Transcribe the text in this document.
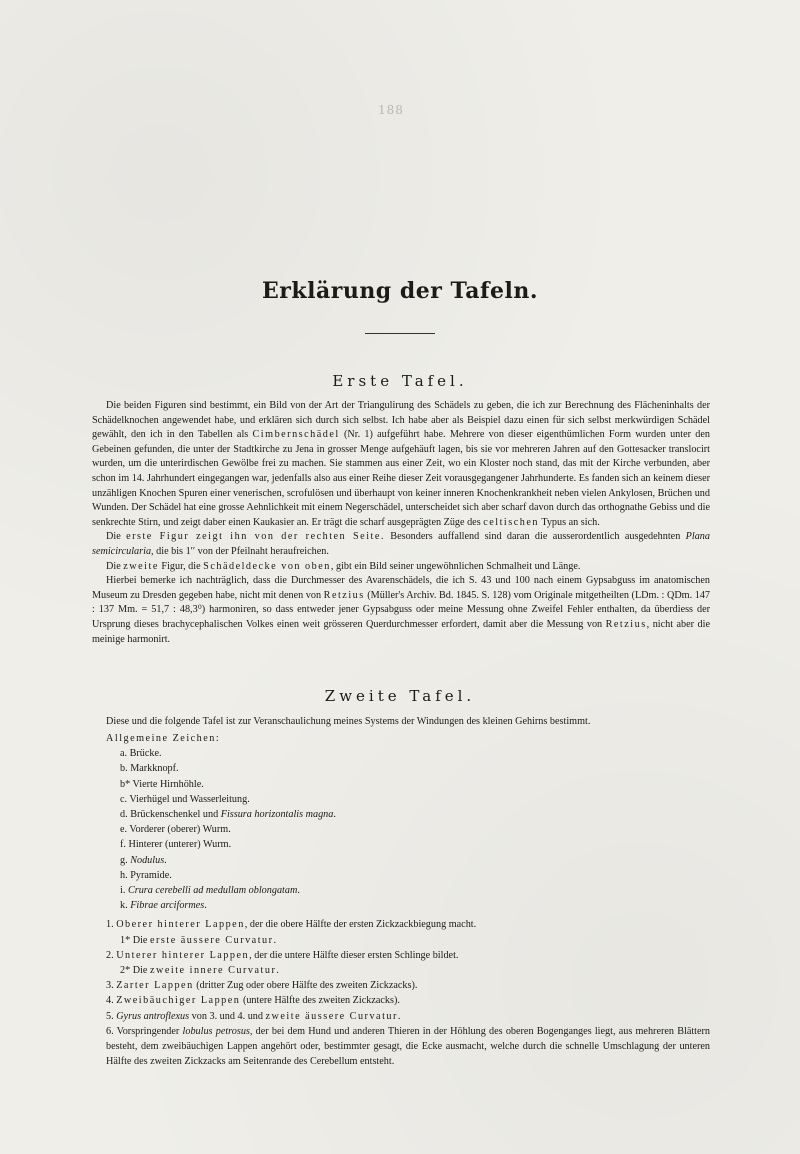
188
Erklärung der Tafeln.
Erste Tafel.

Die beiden Figuren sind bestimmt, ein Bild von der Art der Triangulirung des Schädels zu geben, die ich zur Berechnung des Flächeninhalts der Schädelknochen angewendet habe, und erklären sich durch sich selbst. Ich habe aber als Beispiel dazu einen für sich selbst merkwürdigen Schädel gewählt, den ich in den Tabellen als Cimbernschädel (Nr. 1) aufgeführt habe. Mehrere von dieser eigenthümlichen Form wurden unter den Gebeinen gefunden, die unter der Stadtkirche zu Jena in grosser Menge aufgehäuft lagen, bis sie vor mehreren Jahren auf den Gottesacker translocirt wurden, um die unterirdischen Gewölbe frei zu machen. Sie stammen aus einer Zeit, wo ein Kloster noch stand, das mit der Kirche verbunden, aber schon im 14. Jahrhundert eingegangen war, jedenfalls also aus einer Reihe dieser Zeit vorausgegangener Jahrhunderte. Es fanden sich an keinem dieser unzähligen Knochen Spuren einer venerischen, scrofulösen und überhaupt von keiner inneren Knochenkrankheit neben vielen Ankylosen, Brüchen und Wunden. Der Schädel hat eine grosse Aehnlichkeit mit einem Negerschädel, unterscheidet sich aber scharf davon durch das orthognathe Gebiss und die senkrechte Stirn, und zeigt daber einen Kaukasier an. Er trägt die scharf ausgeprägten Züge des celtischen Typus an sich.

Die erste Figur zeigt ihn von der rechten Seite. Besonders auffallend sind daran die ausserordentlich ausgedehnten Plana semicircularia, die bis 1′′ von der Pfeilnaht heraufreichen.

Die zweite Figur, die Schädeldecke von oben, gibt ein Bild seiner ungewöhnlichen Schmalheit und Länge.

Hierbei bemerke ich nachträglich, dass die Durchmesser des Avarenschädels, die ich S. 43 und 100 nach einem Gypsabguss im anatomischen Museum zu Dresden gegeben habe, nicht mit denen von Retzius (Müller's Archiv. Bd. 1845. S. 128) vom Originale mitgetheilten (LDm. : QDm. 147 : 137 Mm. = 51,7 : 48,3⁰) harmoniren, so dass entweder jener Gypsabguss oder meine Messung ohne Zweifel Fehler enthalten, da überdiess der Ursprung dieses brachycephalischen Volkes einen weit grösseren Querdurchmesser erfordert, damit aber die Messung von Retzius, nicht aber die meinige harmonirt.

Zweite Tafel.

Diese und die folgende Tafel ist zur Veranschaulichung meines Systems der Windungen des kleinen Gehirns bestimmt.

Allgemeine Zeichen:

a. Brücke.
b. Markknopf.
b* Vierte Hirnhöhle.
c. Vierhügel und Wasserleitung.
d. Brückenschenkel und Fissura horizontalis magna.
e. Vorderer (oberer) Wurm.
f. Hinterer (unterer) Wurm.
g. Nodulus.
h. Pyramide.
i. Crura cerebelli ad medullam oblongatam.
k. Fibrae arciformes.
1. Oberer hinterer Lappen, der die obere Hälfte der ersten Zickzackbiegung macht.
1* Die erste äussere Curvatur.
2. Unterer hinterer Lappen, der die untere Hälfte dieser ersten Schlinge bildet.
2* Die zweite innere Curvatur.
3. Zarter Lappen (dritter Zug oder obere Hälfte des zweiten Zickzacks).
4. Zweibäuchiger Lappen (untere Hälfte des zweiten Zickzacks).
5. Gyrus antroflexus von 3. und 4. und zweite äussere Curvatur.
6. Vorspringender lobulus petrosus, der bei dem Hund und anderen Thieren in der Höhlung des oberen Bogenganges liegt, aus mehreren Blättern besteht, dem zweibäuchigen Lappen angehört oder, bestimmter gesagt, die Ecke ausmacht, welche durch die schnelle Umschlagung der unteren Hälfte des zweiten Zickzacks am Seitenrande des Cerebellum entsteht.
